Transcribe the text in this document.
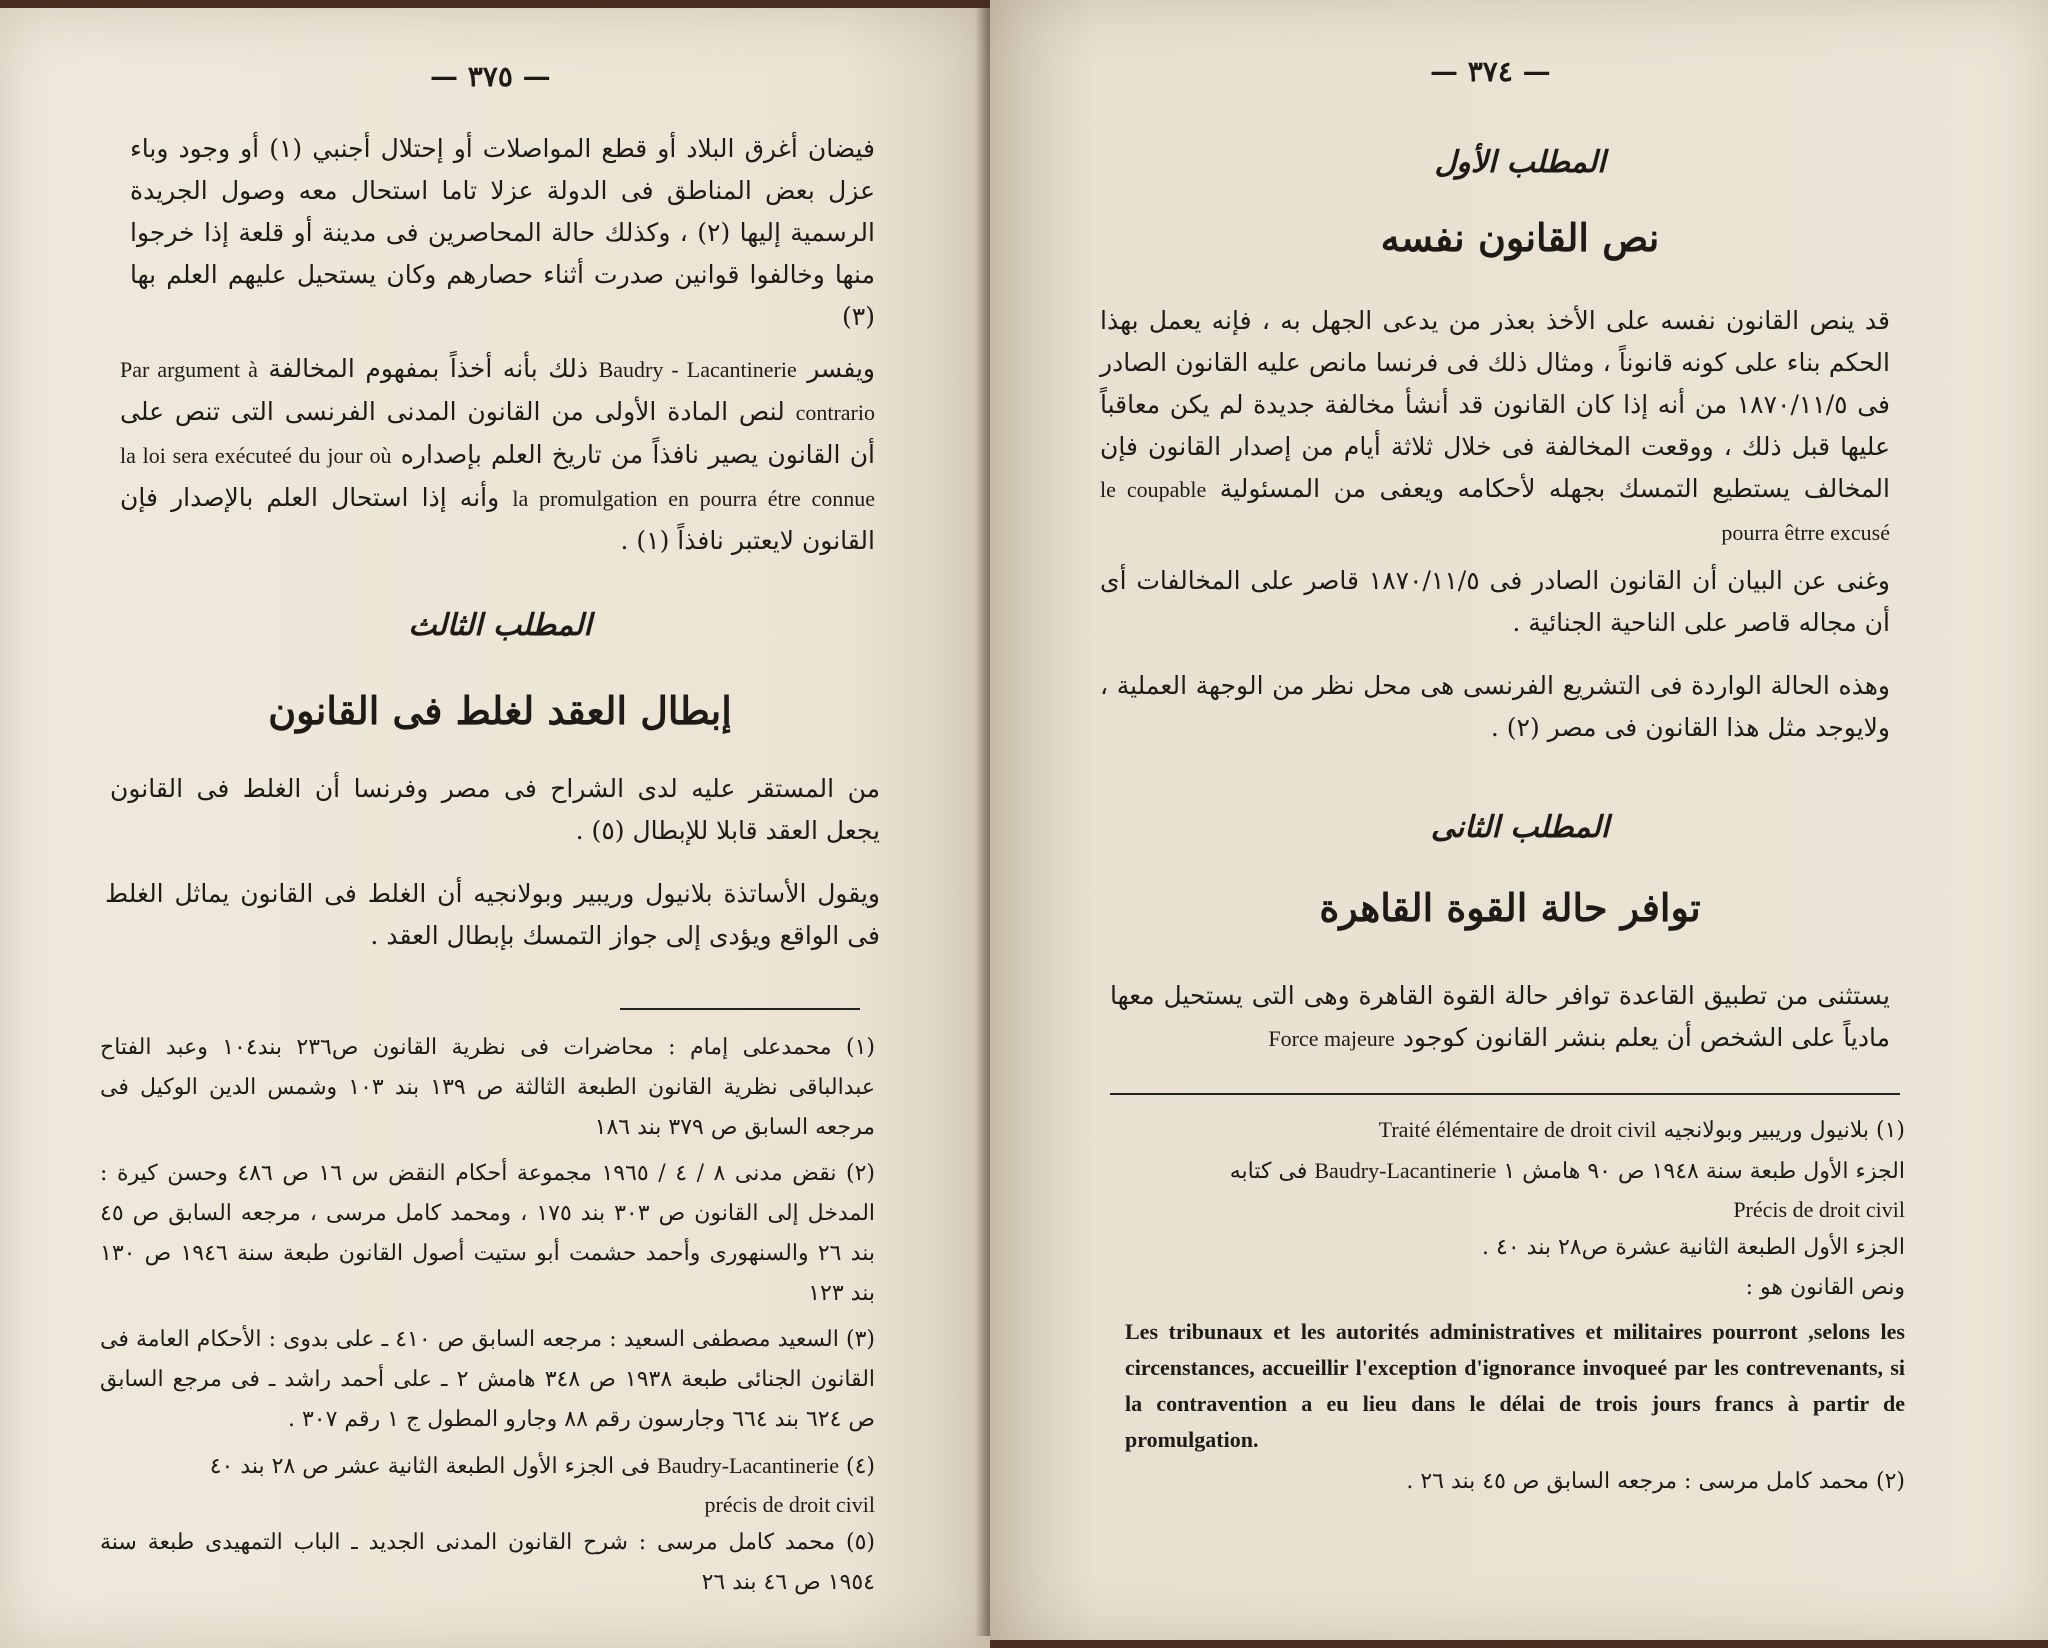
— ٣٧٥ —

فيضان أغرق البلاد أو قطع المواصلات أو إحتلال أجنبي (١) أو وجود وباء عزل بعض المناطق فى الدولة عزلا تاما استحال معه وصول الجريدة الرسمية إليها (٢) ، وكذلك حالة المحاصرين فى مدينة أو قلعة إذا خرجوا منها وخالفوا قوانين صدرت أثناء حصارهم وكان يستحيل عليهم العلم بها (٣)

ويفسر Baudry - Lacantinerie ذلك بأنه أخذاً بمفهوم المخالفة Par argument à contrario لنص المادة الأولى من القانون المدنى الفرنسى التى تنص على أن القانون يصير نافذاً من تاريخ العلم بإصداره la loi sera exécuteé du jour où la promulgation en pourra étre connue وأنه إذا استحال العلم بالإصدار فإن القانون لايعتبر نافذاً (١) .

المطلب الثالث
إبطال العقد لغلط فى القانون

من المستقر عليه لدى الشراح فى مصر وفرنسا أن الغلط فى القانون يجعل العقد قابلا للإبطال (٥) .

ويقول الأساتذة بلانيول وريبير وبولانجيه أن الغلط فى القانون يماثل الغلط فى الواقع ويؤدى إلى جواز التمسك بإبطال العقد .

(١) محمدعلى إمام : محاضرات فى نظرية القانون ص٢٣٦ بند١٠٤ وعبد الفتاح عبدالباقى نظرية القانون الطبعة الثالثة ص ١٣٩ بند ١٠٣ وشمس الدين الوكيل فى مرجعه السابق ص ٣٧٩ بند ١٨٦

(٢) نقض مدنى ٨ / ٤ / ١٩٦٥ مجموعة أحكام النقض س ١٦ ص ٤٨٦ وحسن كيرة : المدخل إلى القانون ص ٣٠٣ بند ١٧٥ ، ومحمد كامل مرسى ، مرجعه السابق ص ٤٥ بند ٢٦ والسنهورى وأحمد حشمت أبو ستيت أصول القانون طبعة سنة ١٩٤٦ ص ١٣٠ بند ١٢٣

(٣) السعيد مصطفى السعيد : مرجعه السابق ص ٤١٠ ـ على بدوى : الأحكام العامة فى القانون الجنائى طبعة ١٩٣٨ ص ٣٤٨ هامش ٢ ـ على أحمد راشد ـ فى مرجع السابق ص ٦٢٤ بند ٦٦٤ وجارسون رقم ٨٨ وجارو المطول ج ١ رقم ٣٠٧ .

(٤) Baudry-Lacantinerie فى الجزء الأول الطبعة الثانية عشر ص ٢٨ بند ٤٠

précis de droit civil

(٥) محمد كامل مرسى : شرح القانون المدنى الجديد ـ الباب التمهيدى طبعة سنة ١٩٥٤ ص ٤٦ بند ٢٦

— ٣٧٤ —
المطلب الأول
نص القانون نفسه

قد ينص القانون نفسه على الأخذ بعذر من يدعى الجهل به ، فإنه يعمل بهذا الحكم بناء على كونه قانوناً ، ومثال ذلك فى فرنسا مانص عليه القانون الصادر فى ١٨٧٠/١١/٥ من أنه إذا كان القانون قد أنشأ مخالفة جديدة لم يكن معاقباً عليها قبل ذلك ، ووقعت المخالفة فى خلال ثلاثة أيام من إصدار القانون فإن المخالف يستطيع التمسك بجهله لأحكامه ويعفى من المسئولية le coupable pourra êtrre excusé

وغنى عن البيان أن القانون الصادر فى ١٨٧٠/١١/٥ قاصر على المخالفات أى أن مجاله قاصر على الناحية الجنائية .

وهذه الحالة الواردة فى التشريع الفرنسى هى محل نظر من الوجهة العملية ، ولايوجد مثل هذا القانون فى مصر (٢) .

المطلب الثانى
توافر حالة القوة القاهرة

يستثنى من تطبيق القاعدة توافر حالة القوة القاهرة وهى التى يستحيل معها مادياً على الشخص أن يعلم بنشر القانون كوجود Force majeure

(١) بلانيول وريبير وبولانجيه Traité élémentaire de droit civil

الجزء الأول طبعة سنة ١٩٤٨ ص ٩٠ هامش ١ Baudry-Lacantinerie فى كتابه

Précis de droit civil

الجزء الأول الطبعة الثانية عشرة ص٢٨ بند ٤٠ .

ونص القانون هو :

Les tribunaux et les autorités administratives et militaires pourront ,selons les circenstances, accueillir l'exception d'ignorance invoqueé par les contrevenants, si la contravention a eu lieu dans le délai de trois jours francs à partir de promulgation.

(٢) محمد كامل مرسى : مرجعه السابق ص ٤٥ بند ٢٦ .
